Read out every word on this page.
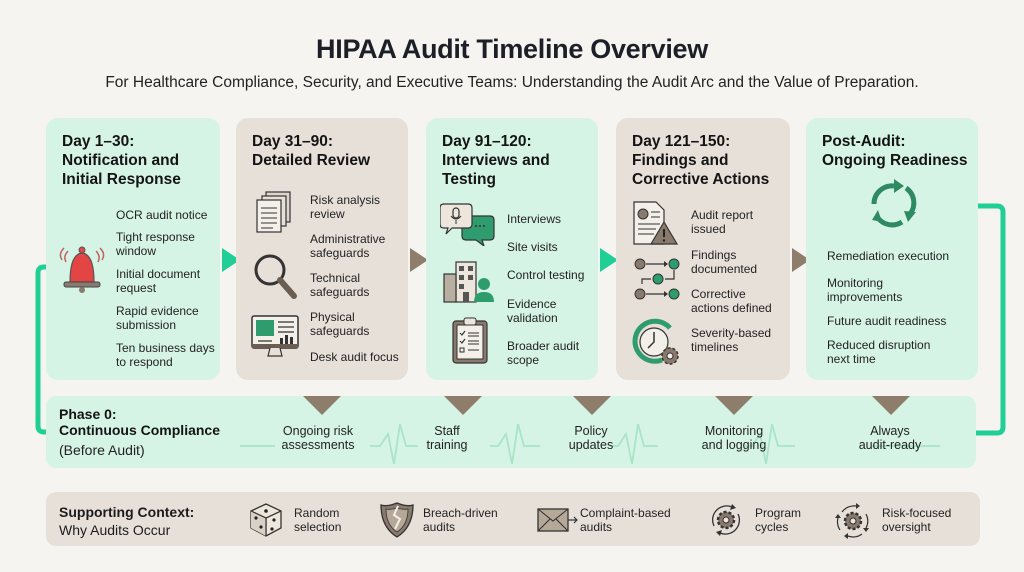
HIPAA Audit Timeline Overview
For Healthcare Compliance, Security, and Executive Teams: Understanding the Audit Arc and the Value of Preparation.
Day 1–30:
Notification and
Initial Response
OCR audit notice
Tight response window
Initial document request
Rapid evidence submission
Ten business days to respond
Day 31–90:
Detailed Review
Risk analysis review
Administrative safeguards
Technical safeguards
Physical safeguards
Desk audit focus
Day 91–120:
Interviews and
Testing
Interviews
Site visits
Control testing
Evidence validation
Broader audit scope
Day 121–150:
Findings and
Corrective Actions
Audit report issued
Findings documented
Corrective actions defined
Severity-based timelines
Post-Audit:
Ongoing Readiness
Remediation execution
Monitoring improvements
Future audit readiness
Reduced disruption next time
Phase 0:
Continuous Compliance
(Before Audit)
Ongoing risk
assessments
Staff
training
Policy
updates
Monitoring
and logging
Always
audit-ready
Supporting Context:
Why Audits Occur
Random
selection
Breach-driven
audits
Complaint-based
audits
Program
cycles
Risk-focused
oversight
